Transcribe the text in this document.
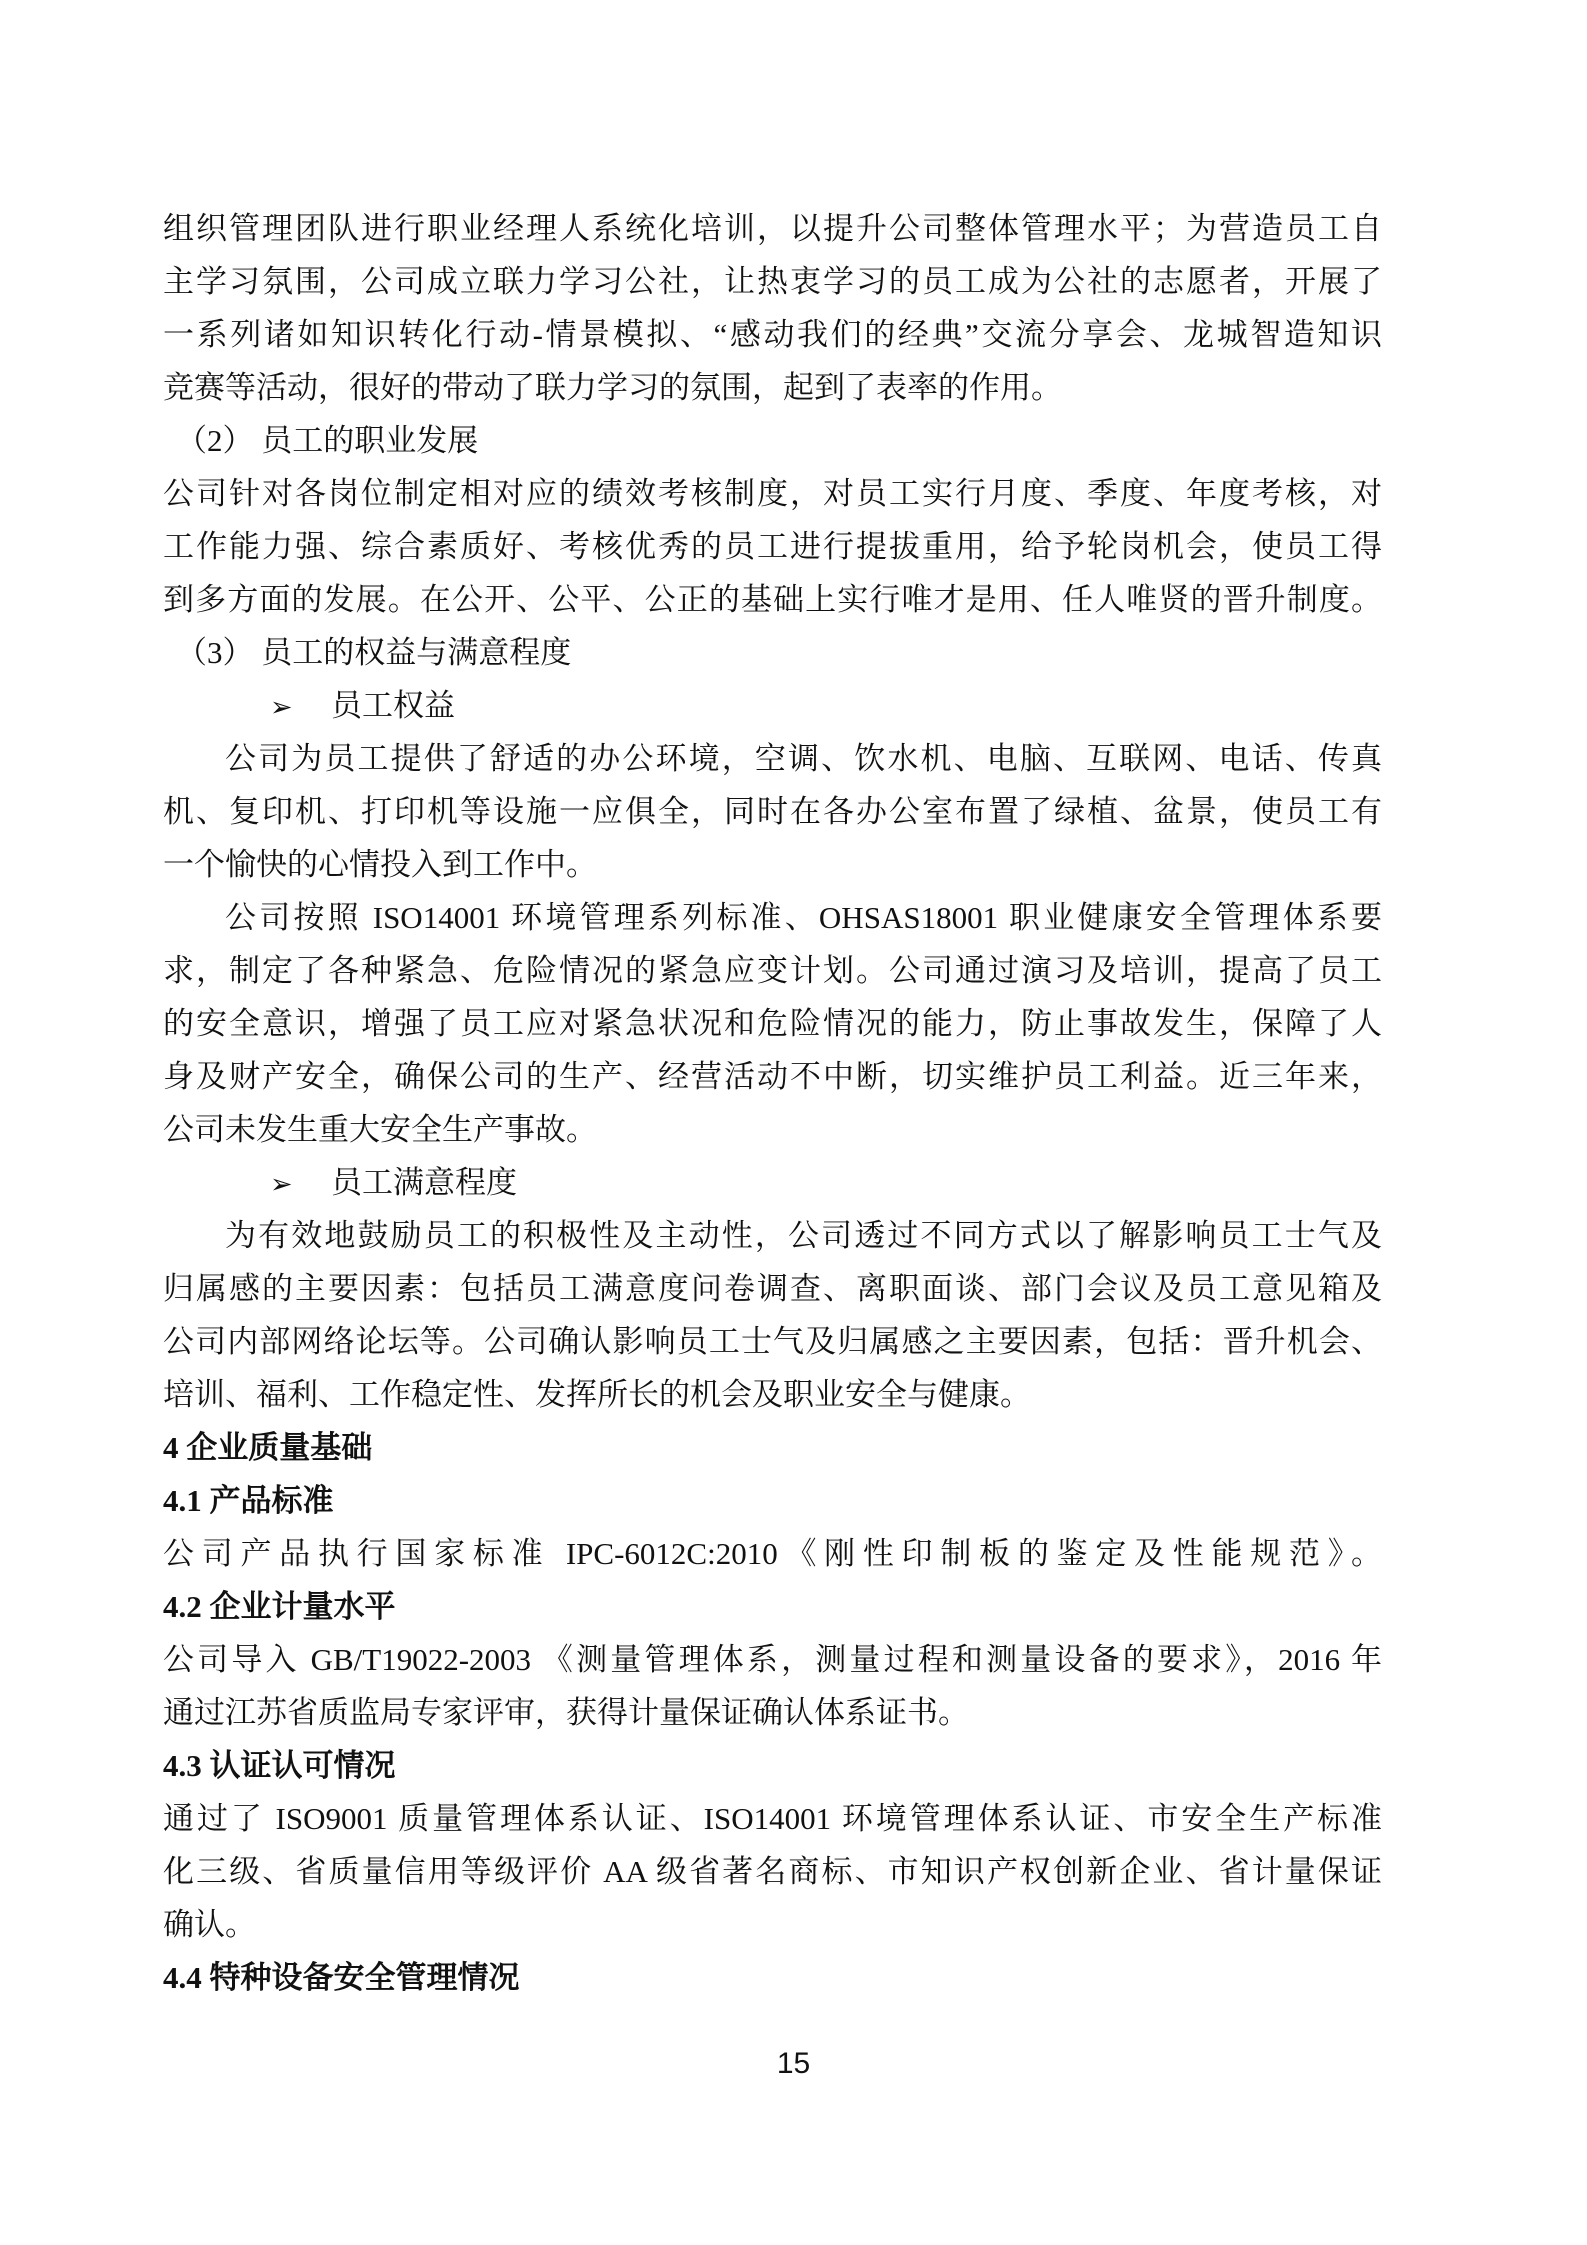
组织管理团队进行职业经理人系统化培训，以提升公司整体管理水平；为营造员工自
主学习氛围，公司成立联力学习公社，让热衷学习的员工成为公社的志愿者，开展了
一系列诸如知识转化行动-情景模拟、“感动我们的经典”交流分享会、龙城智造知识
竞赛等活动，很好的带动了联力学习的氛围，起到了表率的作用。
（2） 员工的职业发展
公司针对各岗位制定相对应的绩效考核制度，对员工实行月度、季度、年度考核，对
工作能力强、综合素质好、考核优秀的员工进行提拔重用，给予轮岗机会，使员工得
到多方面的发展。在公开、公平、公正的基础上实行唯才是用、任人唯贤的晋升制度。
（3） 员工的权益与满意程度
➢ 员工权益
公司为员工提供了舒适的办公环境，空调、饮水机、电脑、互联网、电话、传真
机、复印机、打印机等设施一应俱全，同时在各办公室布置了绿植、盆景，使员工有
一个愉快的心情投入到工作中。
公司按照 ISO14001 环境管理系列标准、OHSAS18001 职业健康安全管理体系要
求，制定了各种紧急、危险情况的紧急应变计划。公司通过演习及培训，提高了员工
的安全意识，增强了员工应对紧急状况和危险情况的能力，防止事故发生，保障了人
身及财产安全，确保公司的生产、经营活动不中断，切实维护员工利益。近三年来，
公司未发生重大安全生产事故。
➢ 员工满意程度
为有效地鼓励员工的积极性及主动性，公司透过不同方式以了解影响员工士气及
归属感的主要因素：包括员工满意度问卷调查、离职面谈、部门会议及员工意见箱及
公司内部网络论坛等。公司确认影响员工士气及归属感之主要因素，包括：晋升机会、
培训、福利、工作稳定性、发挥所长的机会及职业安全与健康。
4 企业质量基础
4.1 产品标准
公司产品执行国家标准 IPC-6012C:2010《刚性印制板的鉴定及性能规范》。
4.2 企业计量水平
公司导入 GB/T19022-2003 《测量管理体系，测量过程和测量设备的要求》，2016 年
通过江苏省质监局专家评审，获得计量保证确认体系证书。
4.3 认证认可情况
通过了 ISO9001 质量管理体系认证、ISO14001 环境管理体系认证、市安全生产标准
化三级、省质量信用等级评价 AA 级省著名商标、市知识产权创新企业、省计量保证
确认。
4.4 特种设备安全管理情况
15
